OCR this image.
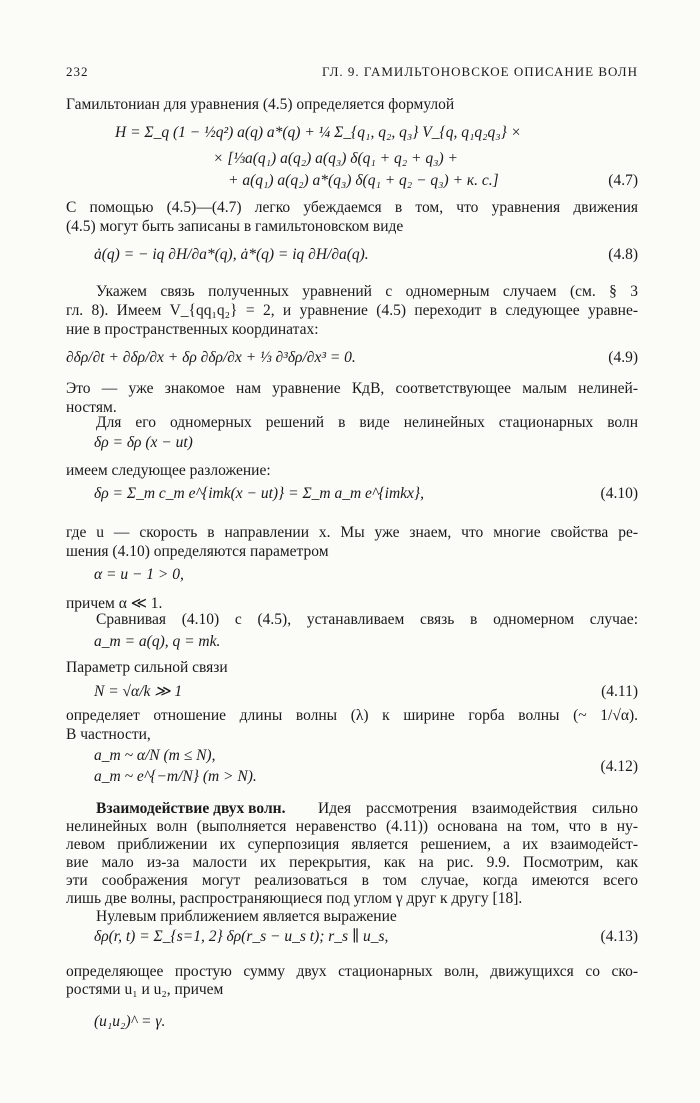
232	ГЛ. 9. ГАМИЛЬТОНОВСКОЕ ОПИСАНИЕ ВОЛН
Гамильтониан для уравнения (4.5) определяется формулой
H = Σ_q (1 − ½q²) a(q) a*(q) + ¼ Σ_{q₁, q₂, q₃} V_{q, q₁q₂q₃} ×
× [⅓a(q₁) a(q₂) a(q₃) δ(q₁ + q₂ + q₃) +
+ a(q₁) a(q₂) a*(q₃) δ(q₁ + q₂ − q₃) + к. с.]	(4.7)
С помощью (4.5)—(4.7) легко убеждаемся в том, что уравнения движения
(4.5) могут быть записаны в гамильтоновском виде
ȧ(q) = − iq ∂H/∂a*(q), ȧ*(q) = iq ∂H/∂a(q).	(4.8)
Укажем связь полученных уравнений с одномерным случаем (см. § 3
гл. 8). Имеем V_{qq₁q₂} = 2, и уравнение (4.5) переходит в следующее уравне-
ние в пространственных координатах:
∂δρ/∂t + ∂δρ/∂x + δρ ∂δρ/∂x + ⅓ ∂³δρ/∂x³ = 0.	(4.9)
Это — уже знакомое нам уравнение КдВ, соответствующее малым нелиней-
ностям.
Для его одномерных решений в виде нелинейных стационарных волн
δρ = δρ (x − ut)
имеем следующее разложение:
δρ = Σ_m c_m e^{imk(x − ut)} = Σ_m a_m e^{imkx},	(4.10)
где u — скорость в направлении x. Мы уже знаем, что многие свойства ре-
шения (4.10) определяются параметром
α = u − 1 > 0,
причем α ≪ 1.
Сравнивая (4.10) с (4.5), устанавливаем связь в одномерном случае:
a_m = a(q), q = mk.
Параметр сильной связи
N = √α/k ≫ 1	(4.11)
определяет отношение длины волны (λ) к ширине горба волны (~ 1/√α).
В частности,
a_m ~ α/N (m ≤ N),
a_m ~ e^{−m/N} (m > N).
(4.12)
Взаимодействие двух волн. Идея рассмотрения взаимодействия сильно
нелинейных волн (выполняется неравенство (4.11)) основана на том, что в ну-
левом приближении их суперпозиция является решением, а их взаимодейст-
вие мало из-за малости их перекрытия, как на рис. 9.9. Посмотрим, как
эти соображения могут реализоваться в том случае, когда имеются всего
лишь две волны, распространяющиеся под углом γ друг к другу [18].
Нулевым приближением является выражение
δρ(r, t) = Σ_{s=1, 2} δρ(r_s − u_s t); r_s ∥ u_s,	(4.13)
определяющее простую сумму двух стационарных волн, движущихся со ско-
ростями u₁ и u₂, причем
(u₁u₂)^ = γ.
